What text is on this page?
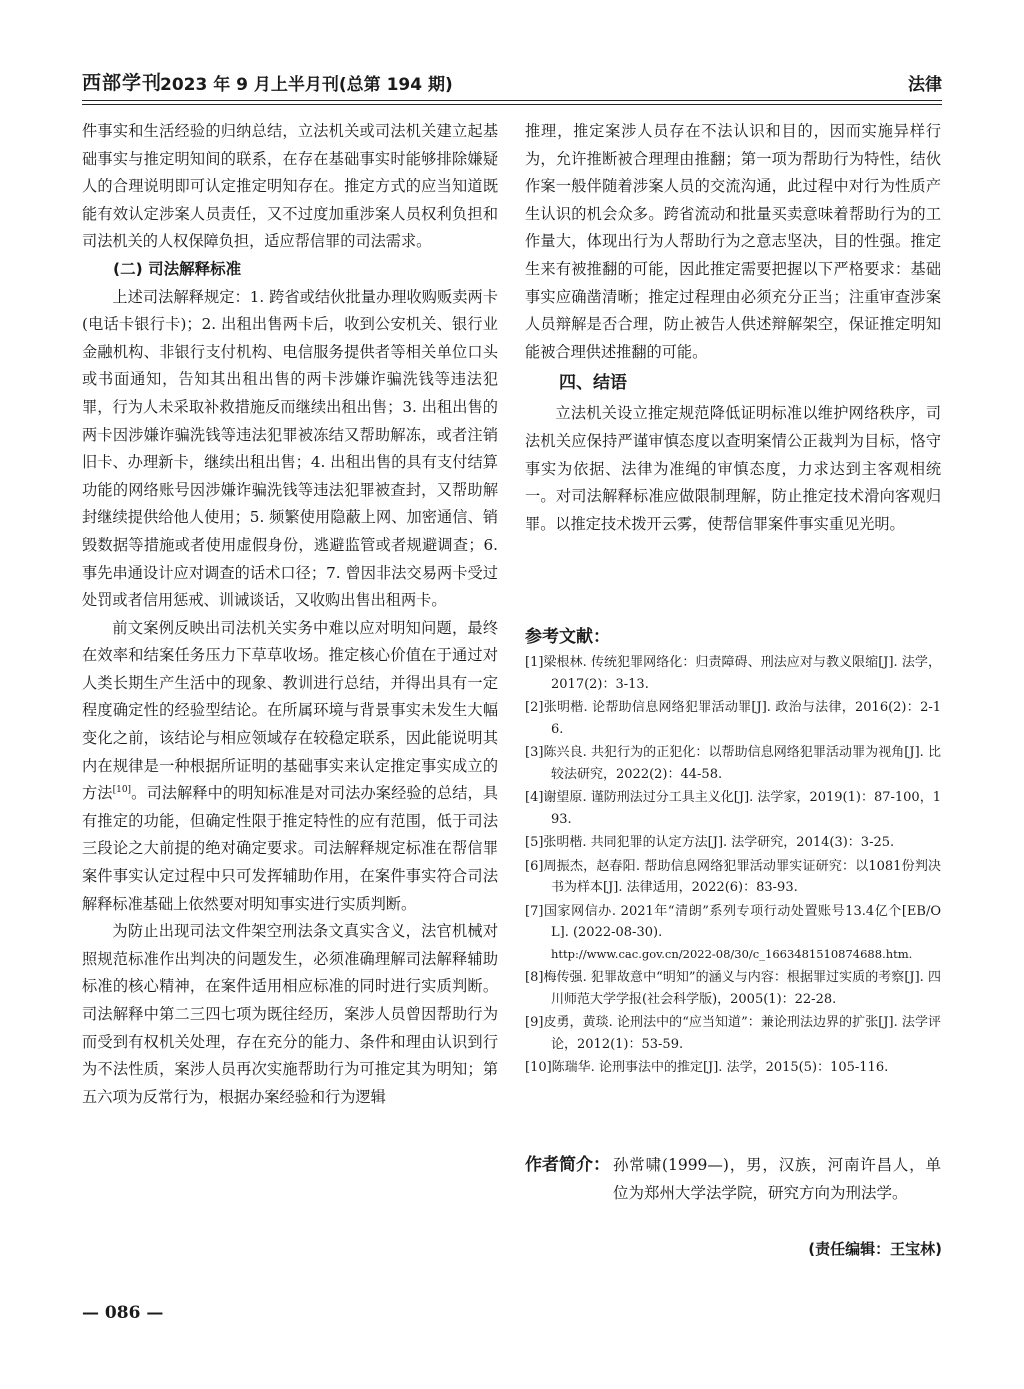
西部学刊
2023 年 9 月上半月刊(总第 194 期)	法律

件事实和生活经验的归纳总结，立法机关或司法机关建立起基础事实与推定明知间的联系，在存在基础事实时能够排除嫌疑人的合理说明即可认定推定明知存在。推定方式的应当知道既能有效认定涉案人员责任，又不过度加重涉案人员权利负担和司法机关的人权保障负担，适应帮信罪的司法需求。

(二) 司法解释标准

上述司法解释规定：1. 跨省或结伙批量办理收购贩卖两卡(电话卡银行卡)；2. 出租出售两卡后，收到公安机关、银行业金融机构、非银行支付机构、电信服务提供者等相关单位口头或书面通知，告知其出租出售的两卡涉嫌诈骗洗钱等违法犯罪，行为人未采取补救措施反而继续出租出售；3. 出租出售的两卡因涉嫌诈骗洗钱等违法犯罪被冻结又帮助解冻，或者注销旧卡、办理新卡，继续出租出售；4. 出租出售的具有支付结算功能的网络账号因涉嫌诈骗洗钱等违法犯罪被查封，又帮助解封继续提供给他人使用；5. 频繁使用隐蔽上网、加密通信、销毁数据等措施或者使用虚假身份，逃避监管或者规避调查；6. 事先串通设计应对调查的话术口径；7. 曾因非法交易两卡受过处罚或者信用惩戒、训诫谈话，又收购出售出租两卡。

前文案例反映出司法机关实务中难以应对明知问题，最终在效率和结案任务压力下草草收场。推定核心价值在于通过对人类长期生产生活中的现象、教训进行总结，并得出具有一定程度确定性的经验型结论。在所属环境与背景事实未发生大幅变化之前，该结论与相应领域存在较稳定联系，因此能说明其内在规律是一种根据所证明的基础事实来认定推定事实成立的方法[10]。司法解释中的明知标准是对司法办案经验的总结，具有推定的功能，但确定性限于推定特性的应有范围，低于司法三段论之大前提的绝对确定要求。司法解释规定标准在帮信罪案件事实认定过程中只可发挥辅助作用，在案件事实符合司法解释标准基础上依然要对明知事实进行实质判断。

为防止出现司法文件架空刑法条文真实含义，法官机械对照规范标准作出判决的问题发生，必须准确理解司法解释辅助标准的核心精神，在案件适用相应标准的同时进行实质判断。司法解释中第二三四七项为既往经历，案涉人员曾因帮助行为而受到有权机关处理，存在充分的能力、条件和理由认识到行为不法性质，案涉人员再次实施帮助行为可推定其为明知；第五六项为反常行为，根据办案经验和行为逻辑

推理，推定案涉人员存在不法认识和目的，因而实施异样行为，允许推断被合理理由推翻；第一项为帮助行为特性，结伙作案一般伴随着涉案人员的交流沟通，此过程中对行为性质产生认识的机会众多。跨省流动和批量买卖意味着帮助行为的工作量大，体现出行为人帮助行为之意志坚决，目的性强。推定生来有被推翻的可能，因此推定需要把握以下严格要求：基础事实应确凿清晰；推定过程理由必须充分正当；注重审查涉案人员辩解是否合理，防止被告人供述辩解架空，保证推定明知能被合理供述推翻的可能。

四、结语

立法机关设立推定规范降低证明标准以维护网络秩序，司法机关应保持严谨审慎态度以查明案情公正裁判为目标，恪守事实为依据、法律为准绳的审慎态度，力求达到主客观相统一。对司法解释标准应做限制理解，防止推定技术滑向客观归罪。以推定技术拨开云雾，使帮信罪案件事实重见光明。

参考文献：
[1]梁根林. 传统犯罪网络化：归责障碍、刑法应对与教义限缩[J]. 法学，2017(2)：3-13.
[2]张明楷. 论帮助信息网络犯罪活动罪[J]. 政治与法律，2016(2)：2-16.
[3]陈兴良. 共犯行为的正犯化：以帮助信息网络犯罪活动罪为视角[J]. 比较法研究，2022(2)：44-58.
[4]谢望原. 谨防刑法过分工具主义化[J]. 法学家，2019(1)：87-100，193.
[5]张明楷. 共同犯罪的认定方法[J]. 法学研究，2014(3)：3-25.
[6]周振杰，赵春阳. 帮助信息网络犯罪活动罪实证研究：以1081份判决书为样本[J]. 法律适用，2022(6)：83-93.
[7]国家网信办. 2021年“清朗”系列专项行动处置账号13.4亿个[EB/OL]. (2022-08-30).
http://www.cac.gov.cn/2022-08/30/c_1663481510874688.htm.
[8]梅传强. 犯罪故意中“明知”的涵义与内容：根据罪过实质的考察[J]. 四川师范大学学报(社会科学版)，2005(1)：22-28.
[9]皮勇，黄琰. 论刑法中的“应当知道”：兼论刑法边界的扩张[J]. 法学评论，2012(1)：53-59.
[10]陈瑞华. 论刑事法中的推定[J]. 法学，2015(5)：105-116.
作者简介： 孙常啸(1999—)，男，汉族，河南许昌人，单位为郑州大学法学院，研究方向为刑法学。
(责任编辑：王宝林)
— 086 —
